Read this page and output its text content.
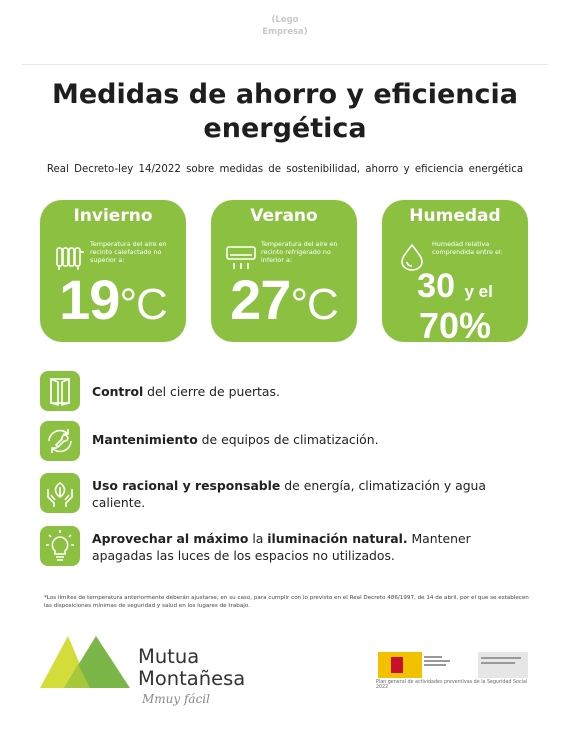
(Logo
Empresa)
Medidas de ahorro y eficiencia
energética
Real Decreto-ley 14/2022 sobre medidas de sostenibilidad, ahorro y eficiencia energética
Invierno
Temperatura del aire en recinto calefactado no superior a:
19°C
Verano
Temperatura del aire en recinto refrigerado no inferior a:
27°C
Humedad
Humedad relativa comprendida entre el:
30 y el
70%
Control del cierre de puertas.
Mantenimiento de equipos de climatización.
Uso racional y responsable de energía, climatización y agua caliente.
Aprovechar al máximo la iluminación natural. Mantener apagadas las luces de los espacios no utilizados.
*Los límites de temperatura anteriormente deberán ajustarse, en su caso, para cumplir con lo previsto en el Real Decreto 486/1997, de 14 de abril, por el que se establecen las disposiciones mínimas de seguridad y salud en los lugares de trabajo.
Mutua
Montañesa
Mmuy fácil
Plan general de actividades preventivas de la Seguridad Social 2022
